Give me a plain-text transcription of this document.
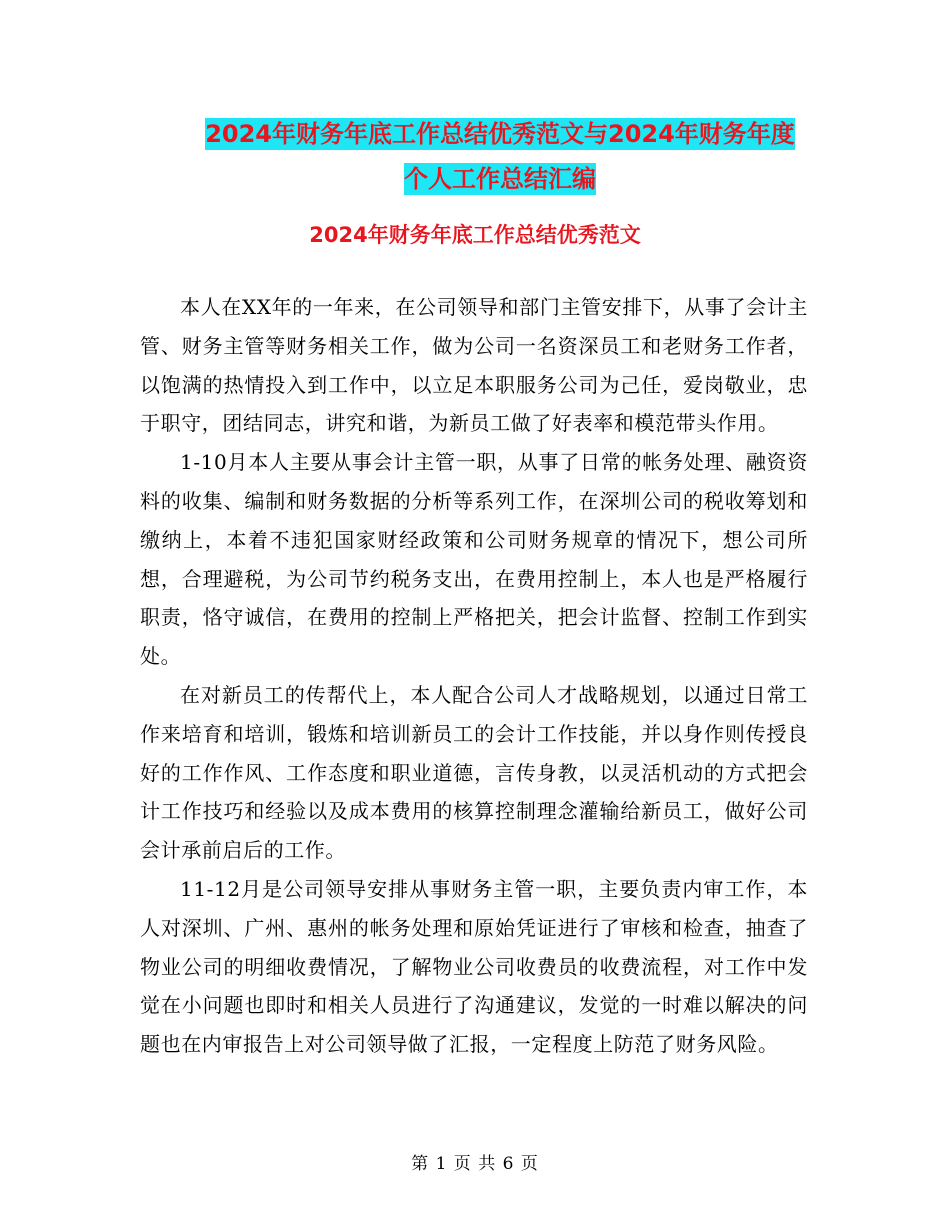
2024年财务年底工作总结优秀范文与2024年财务年度
个人工作总结汇编
2024年财务年底工作总结优秀范文

本人在XX年的一年来，在公司领导和部门主管安排下，从事了会计主管、财务主管等财务相关工作，做为公司一名资深员工和老财务工作者，以饱满的热情投入到工作中，以立足本职服务公司为己任，爱岗敬业，忠于职守，团结同志，讲究和谐，为新员工做了好表率和模范带头作用。

1-10月本人主要从事会计主管一职，从事了日常的帐务处理、融资资料的收集、编制和财务数据的分析等系列工作，在深圳公司的税收筹划和缴纳上，本着不违犯国家财经政策和公司财务规章的情况下，想公司所想，合理避税，为公司节约税务支出，在费用控制上，本人也是严格履行职责，恪守诚信，在费用的控制上严格把关，把会计监督、控制工作到实处。

在对新员工的传帮代上，本人配合公司人才战略规划，以通过日常工作来培育和培训，锻炼和培训新员工的会计工作技能，并以身作则传授良好的工作作风、工作态度和职业道德，言传身教，以灵活机动的方式把会计工作技巧和经验以及成本费用的核算控制理念灌输给新员工，做好公司会计承前启后的工作。

11-12月是公司领导安排从事财务主管一职，主要负责内审工作，本人对深圳、广州、惠州的帐务处理和原始凭证进行了审核和检查，抽查了物业公司的明细收费情况，了解物业公司收费员的收费流程，对工作中发觉在小问题也即时和相关人员进行了沟通建议，发觉的一时难以解决的问题也在内审报告上对公司领导做了汇报，一定程度上防范了财务风险。

第 1 页 共 6 页
